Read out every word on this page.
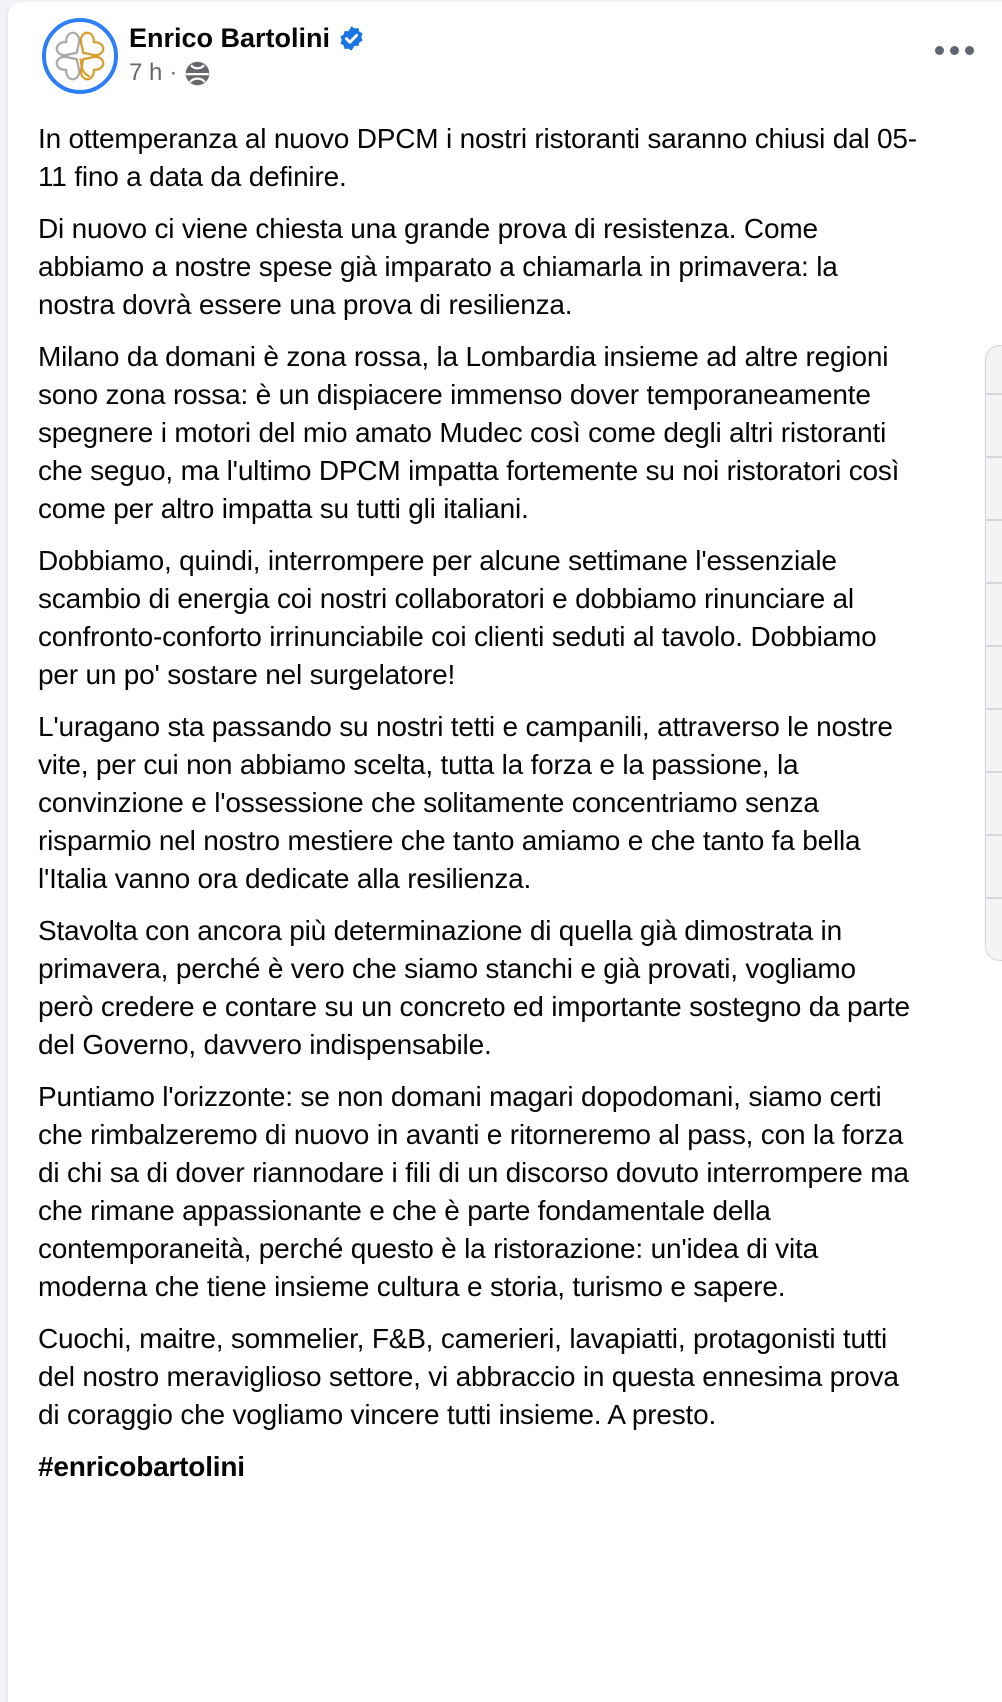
Enrico Bartolini
7 h ·

In ottemperanza al nuovo DPCM i nostri ristoranti saranno chiusi dal 05-11 fino a data da definire.

Di nuovo ci viene chiesta una grande prova di resistenza. Come abbiamo a nostre spese già imparato a chiamarla in primavera: la nostra dovrà essere una prova di resilienza.

Milano da domani è zona rossa, la Lombardia insieme ad altre regioni sono zona rossa: è un dispiacere immenso dover temporaneamente spegnere i motori del mio amato Mudec così come degli altri ristoranti che seguo, ma l'ultimo DPCM impatta fortemente su noi ristoratori così come per altro impatta su tutti gli italiani.

Dobbiamo, quindi, interrompere per alcune settimane l'essenziale scambio di energia coi nostri collaboratori e dobbiamo rinunciare al confronto-conforto irrinunciabile coi clienti seduti al tavolo. Dobbiamo per un po' sostare nel surgelatore!

L'uragano sta passando su nostri tetti e campanili, attraverso le nostre vite, per cui non abbiamo scelta, tutta la forza e la passione, la convinzione e l'ossessione che solitamente concentriamo senza risparmio nel nostro mestiere che tanto amiamo e che tanto fa bella l'Italia vanno ora dedicate alla resilienza.

Stavolta con ancora più determinazione di quella già dimostrata in primavera, perché è vero che siamo stanchi e già provati, vogliamo però credere e contare su un concreto ed importante sostegno da parte del Governo, davvero indispensabile.

Puntiamo l'orizzonte: se non domani magari dopodomani, siamo certi che rimbalzeremo di nuovo in avanti e ritorneremo al pass, con la forza di chi sa di dover riannodare i fili di un discorso dovuto interrompere ma che rimane appassionante e che è parte fondamentale della contemporaneità, perché questo è la ristorazione: un'idea di vita moderna che tiene insieme cultura e storia, turismo e sapere.

Cuochi, maitre, sommelier, F&B, camerieri, lavapiatti, protagonisti tutti del nostro meraviglioso settore, vi abbraccio in questa ennesima prova di coraggio che vogliamo vincere tutti insieme. A presto.

#enricobartolini
